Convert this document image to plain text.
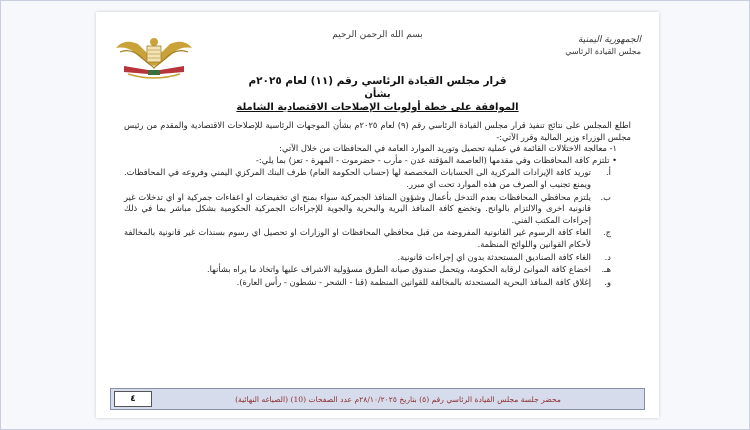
بسم الله الرحمن الرحيم	الجمهورية اليمنية
مجلس القيادة الرئاسي
قرار مجلس القيادة الرئاسي رقم (١١) لعام ٢٠٢٥م
بشأن
الموافقة على خطة أولويات الإصلاحات الاقتصادية الشاملة

اطلع المجلس على نتائج تنفيذ قرار مجلس القيادة الرئاسي رقم (٩) لعام ٢٠٢٥م بشأن الموجهات الرئاسية للإصلاحات الاقتصادية والمقدم من رئيس مجلس الوزراء وزير المالية وقرر الآتي:-

١- معالجة الاختلالات القائمة في عملية تحصيل وتوريد الموارد العامة في المحافظات من خلال الآتي:

• تلتزم كافة المحافظات وفي مقدمها (العاصمة المؤقتة عدن - مأرب - حضرموت - المهرة - تعز) بما يلي:-

أ.
توريد كافة الإيرادات المركزية الى الحسابات المخصصة لها (حساب الحكومة العام) طرف البنك المركزي اليمني وفروعه في المحافظات. ويمنع تجنيب او الصرف من هذه الموارد تحت اي مبرر.
ب.
يلتزم محافظي المحافظات بعدم التدخل بأعمال وشؤون المنافذ الجمركية سواء بمنح اي تخفيضات او اعفاءات جمركية او اي تدخلات غير قانونية اخرى والالتزام بالوانح. وتخضع كافة المنافذ البرية والبحرية والجوية للإجراءات الجمركية الحكومية بشكل مباشر بما في ذلك إجراءات المكتب الفني.
ج.
الغاء كافة الرسوم غير القانونية المفروضة من قبل محافظي المحافظات او الوزارات او تحصيل اي رسوم بسندات غير قانونية بالمخالفة لأحكام القوانين واللوائح المنظمة.
د.
الغاء كافة الصناديق المستحدثة بدون اي إجراءات قانونية.
هـ.
اخضاع كافة الموانئ لرقابة الحكومة، ويتحمل صندوق صيانة الطرق مسؤولية الاشراف عليها واتخاذ ما يراه بشأنها.
و.
إغلاق كافة المنافذ البحرية المستحدثة بالمخالفة للقوانين المنظمة (قنا - الشحر - نشطون - رأس العارة).
محضر جلسة مجلس القيادة الرئاسي رقم (٥) بتاريخ ٢٨/١٠/٢٠٢٥م عدد الصفحات (10) (الصياغه النهائية)
٤
